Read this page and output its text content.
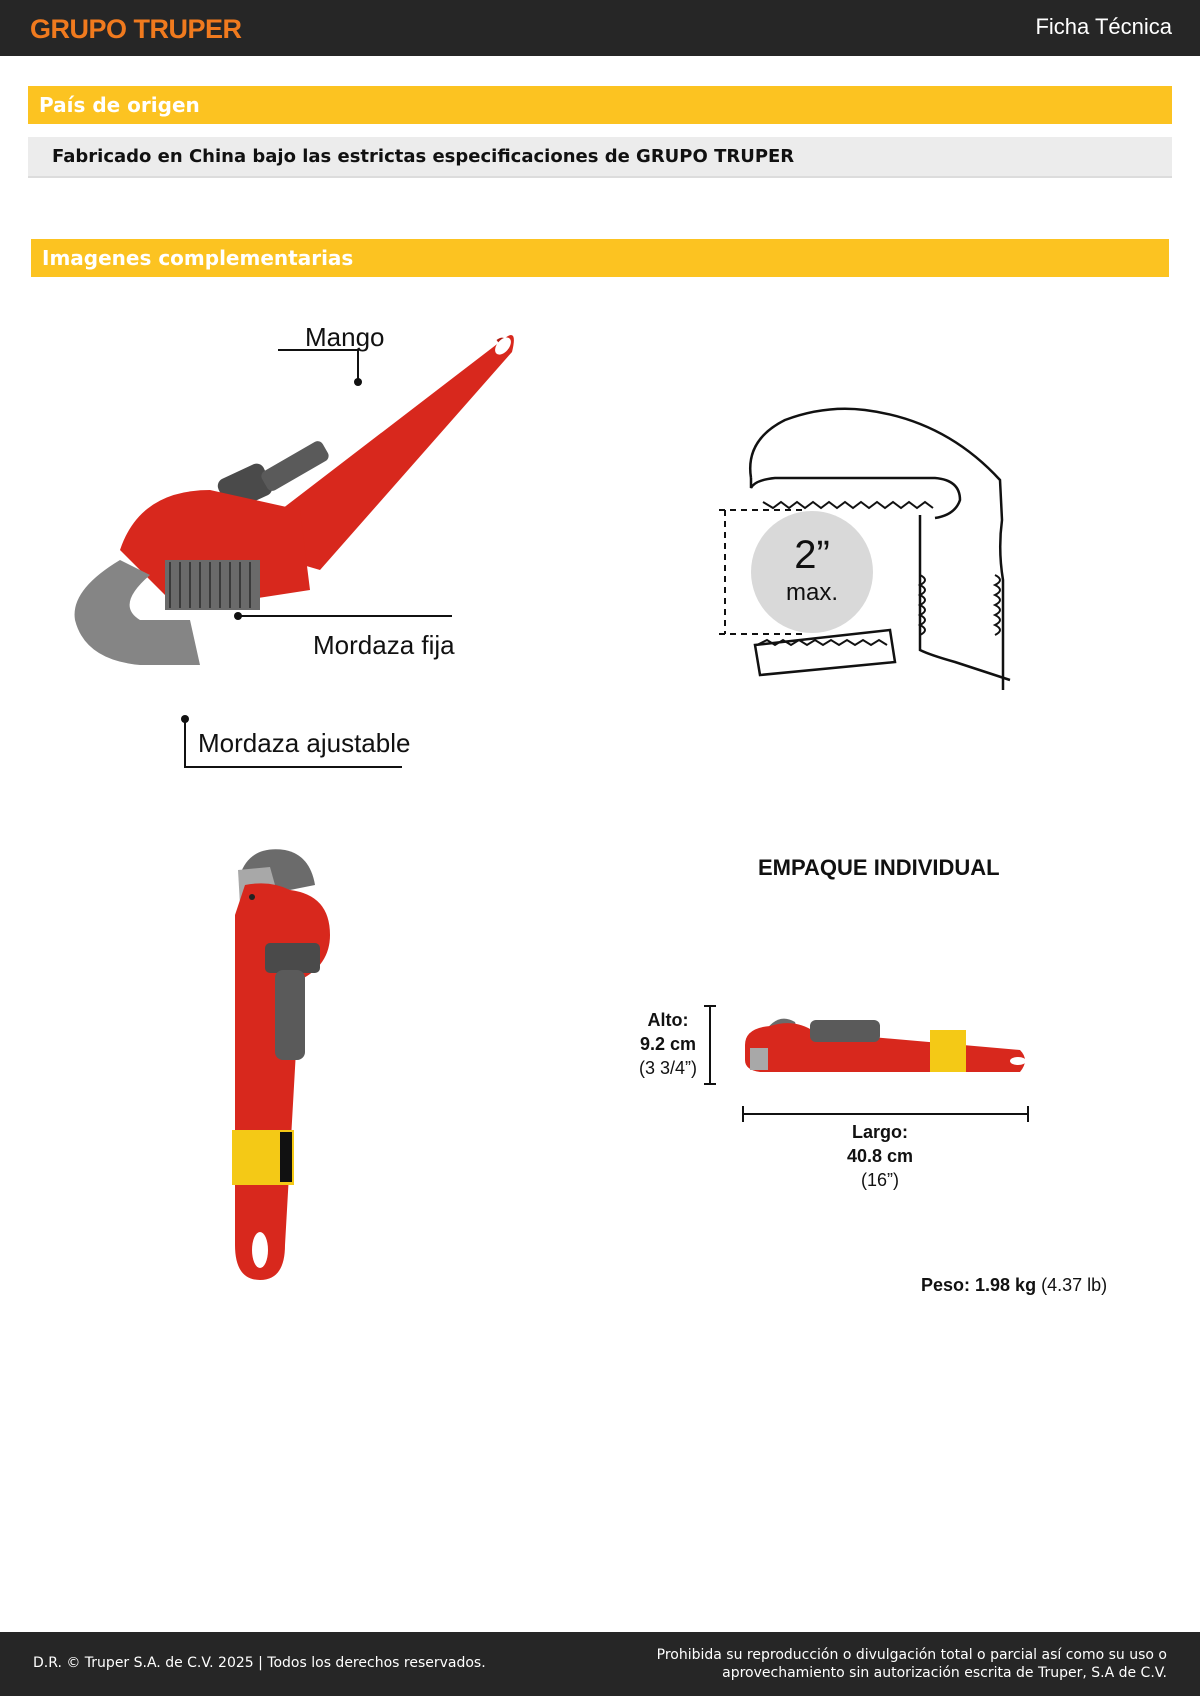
GRUPO TRUPER	Ficha Técnica
País de origen
Fabricado en China bajo las estrictas especificaciones de GRUPO TRUPER
Imagenes complementarias
Mango
Mordaza fija
Mordaza ajustable
2”
max.
EMPAQUE INDIVIDUAL
Alto:
9.2 cm
(3 3/4”)
Largo:
40.8 cm
(16”)
Peso: 1.98 kg (4.37 lb)
D.R. © Truper S.A. de C.V. 2025 | Todos los derechos reservados.	Prohibida su reproducción o divulgación total o parcial así como su uso o
aprovechamiento sin autorización escrita de Truper, S.A de C.V.
